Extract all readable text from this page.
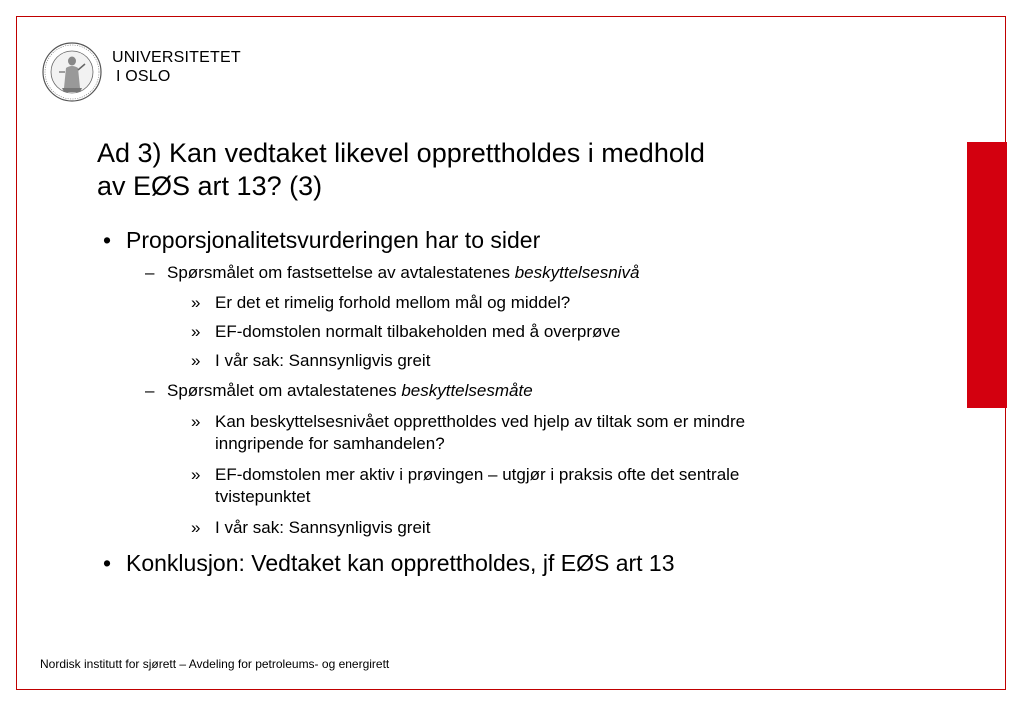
UNIVERSITETET
I OSLO
Ad 3) Kan vedtaket likevel opprettholdes i medhold
av EØS art 13? (3)
• Proporsjonalitetsvurderingen har to sider
– Spørsmålet om fastsettelse av avtalestatenes beskyttelsesnivå
» Er det et rimelig forhold mellom mål og middel?
» EF-domstolen normalt tilbakeholden med å overprøve
» I vår sak: Sannsynligvis greit
– Spørsmålet om avtalestatenes beskyttelsesmåte
» Kan beskyttelsesnivået opprettholdes ved hjelp av tiltak som er mindre inngripende for samhandelen?
» EF-domstolen mer aktiv i prøvingen – utgjør i praksis ofte det sentrale tvistepunktet
» I vår sak: Sannsynligvis greit
• Konklusjon: Vedtaket kan opprettholdes, jf EØS art 13
Nordisk institutt for sjørett – Avdeling for petroleums- og energirett
